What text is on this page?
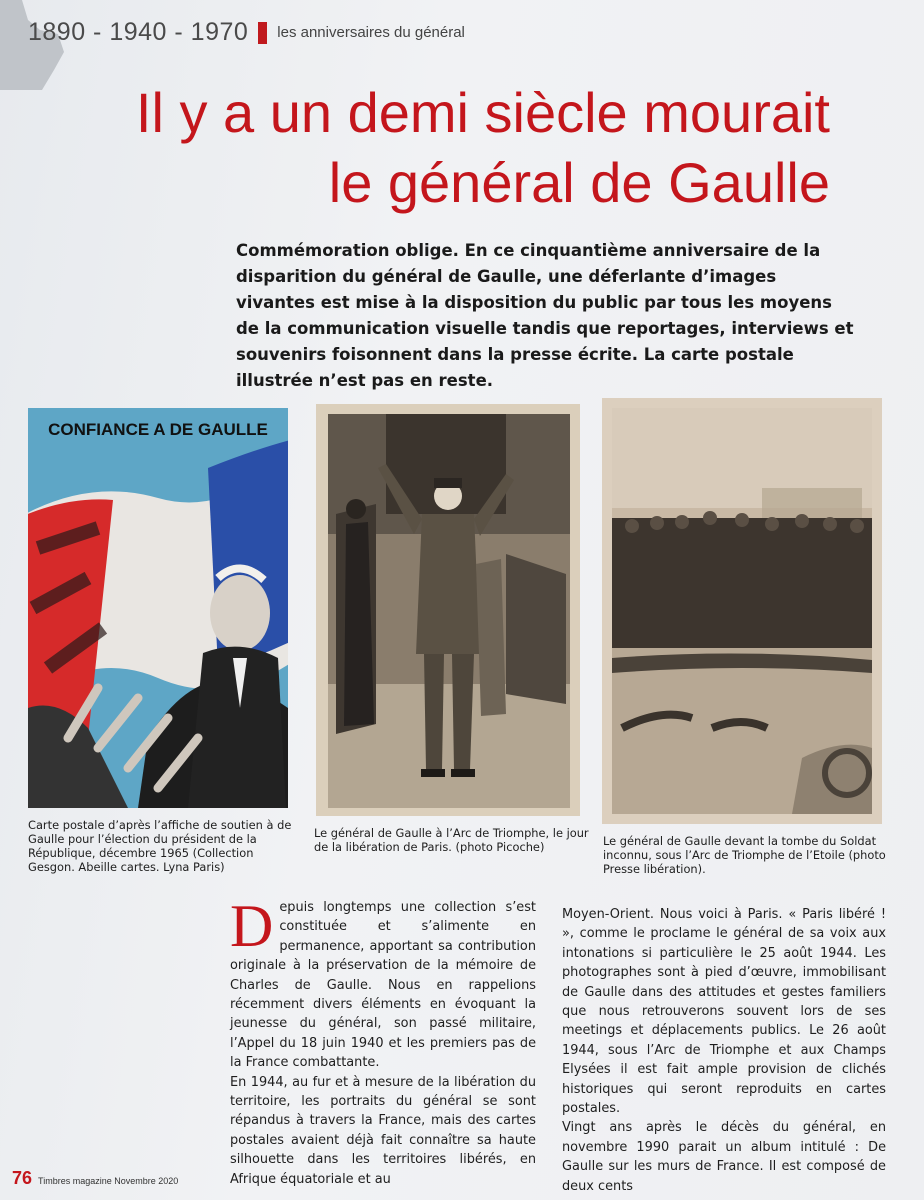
1890 - 1940 - 1970 les anniversaires du général
Il y a un demi siècle mourait
le général de Gaulle
Commémoration oblige. En ce cinquantième anniversaire de la disparition du général de Gaulle, une déferlante d’images vivantes est mise à la disposition du public par tous les moyens de la communication visuelle tandis que reportages, interviews et souvenirs foisonnent dans la presse écrite. La carte postale illustrée n’est pas en reste.
CONFIANCE A DE GAULLE
Carte postale d’après l’affiche de soutien à de Gaulle pour l’élection du président de la République, décembre 1965 (Collection Gesgon. Abeille cartes. Lyna Paris)
Le général de Gaulle à l’Arc de Triomphe, le jour de la libération de Paris. (photo Picoche)	Le général de Gaulle devant la tombe du Soldat inconnu, sous l’Arc de Triomphe de l’Etoile (photo Presse libération).
D epuis longtemps une collection s’est constituée et s’alimente en permanence, apportant sa contribution originale à la préservation de la mémoire de Charles de Gaulle. Nous en rappelions récemment divers éléments en évoquant la jeunesse du général, son passé militaire, l’Appel du 18 juin 1940 et les premiers pas de la France combattante.

En 1944, au fur et à mesure de la libération du territoire, les portraits du général se sont répandus à travers la France, mais des cartes postales avaient déjà fait connaître sa haute silhouette dans les territoires libérés, en Afrique équatoriale et au

Moyen-Orient. Nous voici à Paris. « Paris libéré ! », comme le proclame le général de sa voix aux intonations si particulière le 25 août 1944. Les photographes sont à pied d’œuvre, immobilisant de Gaulle dans des attitudes et gestes familiers que nous retrouverons souvent lors de ses meetings et déplacements publics. Le 26 août 1944, sous l’Arc de Triomphe et aux Champs Elysées il est fait ample provision de clichés historiques qui seront reproduits en cartes postales.

Vingt ans après le décès du général, en novembre 1990 parait un album intitulé : De Gaulle sur les murs de France. Il est composé de deux cents

76 Timbres magazine Novembre 2020
